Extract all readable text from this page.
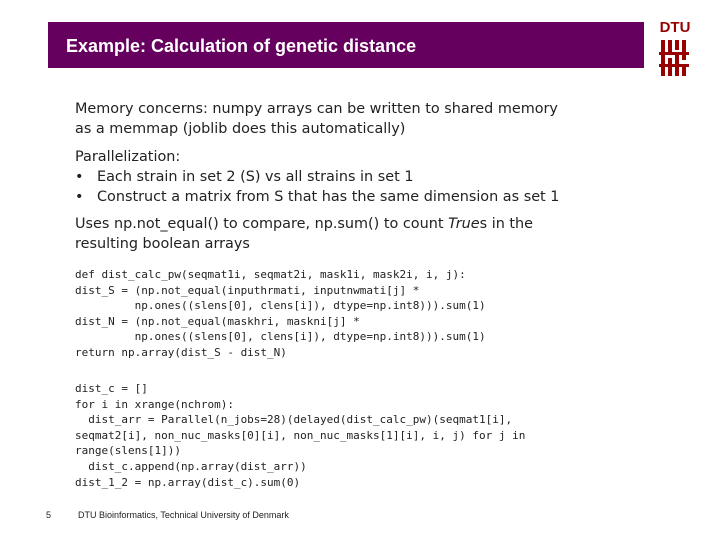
Example: Calculation of genetic distance
DTU
Memory concerns: numpy arrays can be written to shared memory
as a memmap (joblib does this automatically)
Parallelization:
• Each strain in set 2 (S) vs all strains in set 1
• Construct a matrix from S that has the same dimension as set 1
Uses np.not_equal() to compare, np.sum() to count Trues in the
resulting boolean arrays
def dist_calc_pw(seqmat1i, seqmat2i, mask1i, mask2i, i, j):
dist_S = (np.not_equal(inputhrmati, inputnwmati[j] *
np.ones((slens[0], clens[i]), dtype=np.int8))).sum(1)
dist_N = (np.not_equal(maskhri, maskni[j] *
np.ones((slens[0], clens[i]), dtype=np.int8))).sum(1)
return np.array(dist_S - dist_N)
dist_c = []
for i in xrange(nchrom):
dist_arr = Parallel(n_jobs=28)(delayed(dist_calc_pw)(seqmat1[i],
seqmat2[i], non_nuc_masks[0][i], non_nuc_masks[1][i], i, j) for j in
range(slens[1]))
dist_c.append(np.array(dist_arr))
dist_1_2 = np.array(dist_c).sum(0)
5	DTU Bioinformatics, Technical University of Denmark
